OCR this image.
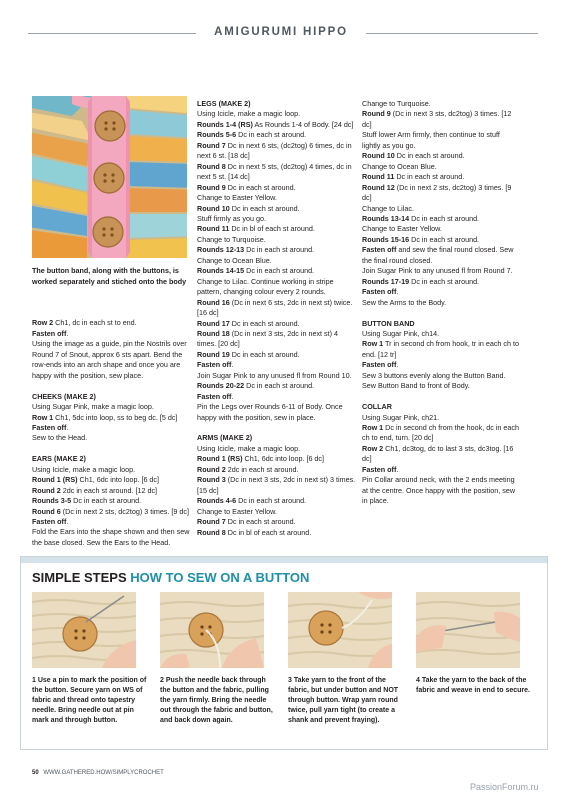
AMIGURUMI HIPPO
The button band, along with the buttons, is worked separately and stiched onto the body

Row 2 Ch1, dc in each st to end.

Fasten off.

Using the image as a guide, pin the Nostrils over Round 7 of Snout, approx 6 sts apart. Bend the row-ends into an arch shape and once you are happy with the position, sew place.

CHEEKS (MAKE 2)

Using Sugar Pink, make a magic loop.

Row 1 Ch1, 5dc into loop, ss to beg dc. [5 dc]

Fasten off.

Sew to the Head.

EARS (MAKE 2)

Using Icicle, make a magic loop.

Round 1 (RS) Ch1, 6dc into loop. [6 dc]

Round 2 2dc in each st around. [12 dc]

Rounds 3-5 Dc in each st around.

Round 6 (Dc in next 2 sts, dc2tog) 3 times. [9 dc]

Fasten off.

Fold the Ears into the shape shown and then sew the base closed. Sew the Ears to the Head.

LEGS (MAKE 2)

Using Icicle, make a magic loop.

Rounds 1-4 (RS) As Rounds 1-4 of Body. [24 dc]

Rounds 5-6 Dc in each st around.

Round 7 Dc in next 6 sts, (dc2tog) 6 times, dc in next 6 st. [18 dc]

Round 8 Dc in next 5 sts, (dc2tog) 4 times, dc in next 5 st. [14 dc]

Round 9 Dc in each st around.

Change to Easter Yellow.

Round 10 Dc in each st around.

Stuff firmly as you go.

Round 11 Dc in bl of each st around.

Change to Turquoise.

Rounds 12-13 Dc in each st around.

Change to Ocean Blue.

Rounds 14-15 Dc in each st around.

Change to Lilac. Continue working in stripe pattern, changing colour every 2 rounds.

Round 16 (Dc in next 6 sts, 2dc in next st) twice. [16 dc]

Round 17 Dc in each st around.

Round 18 (Dc in next 3 sts, 2dc in next st) 4 times. [20 dc]

Round 19 Dc in each st around.

Fasten off.

Join Sugar Pink to any unused fl from Round 10.

Rounds 20-22 Dc in each st around.

Fasten off.

Pin the Legs over Rounds 6-11 of Body. Once happy with the position, sew in place.

ARMS (MAKE 2)

Using Icicle, make a magic loop.

Round 1 (RS) Ch1, 6dc into loop. [6 dc]

Round 2 2dc in each st around.

Round 3 (Dc in next 3 sts, 2dc in next st) 3 times. [15 dc]

Rounds 4-6 Dc in each st around.

Change to Easter Yellow.

Round 7 Dc in each st around.

Round 8 Dc in bl of each st around.

Change to Turquoise.

Round 9 (Dc in next 3 sts, dc2tog) 3 times. [12 dc]

Stuff lower Arm firmly, then continue to stuff lightly as you go.

Round 10 Dc in each st around.

Change to Ocean Blue.

Round 11 Dc in each st around.

Round 12 (Dc in next 2 sts, dc2tog) 3 times. [9 dc]

Change to Lilac.

Rounds 13-14 Dc in each st around.

Change to Easter Yellow.

Rounds 15-16 Dc in each st around.

Fasten off and sew the final round closed. Sew the final round closed.

Join Sugar Pink to any unused fl from Round 7.

Rounds 17-19 Dc in each st around.

Fasten off.

Sew the Arms to the Body.

BUTTON BAND

Using Sugar Pink, ch14.

Row 1 Tr in second ch from hook, tr in each ch to end. [12 tr]

Fasten off.

Sew 3 buttons evenly along the Button Band. Sew Button Band to front of Body.

COLLAR

Using Sugar Pink, ch21.

Row 1 Dc in second ch from the hook, dc in each ch to end, turn. [20 dc]

Row 2 Ch1, dc3tog, dc to last 3 sts, dc3tog. [16 dc]

Fasten off.

Pin Collar around neck, with the 2 ends meeting at the centre. Once happy with the position, sew in place.

SIMPLE STEPS HOW TO SEW ON A BUTTON
1 Use a pin to mark the position of the button. Secure yarn on WS of fabric and thread onto tapestry needle. Bring needle out at pin mark and through button.
2 Push the needle back through the button and the fabric, pulling the yarn firmly. Bring the needle out through the fabric and button, and back down again.
3 Take yarn to the front of the fabric, but under button and NOT through button. Wrap yarn round twice, pull yarn tight (to create a shank and prevent fraying).
4 Take the yarn to the back of the fabric and weave in end to secure.
50 WWW.GATHERED.HOW/SIMPLYCROCHET
PassionForum.ru
